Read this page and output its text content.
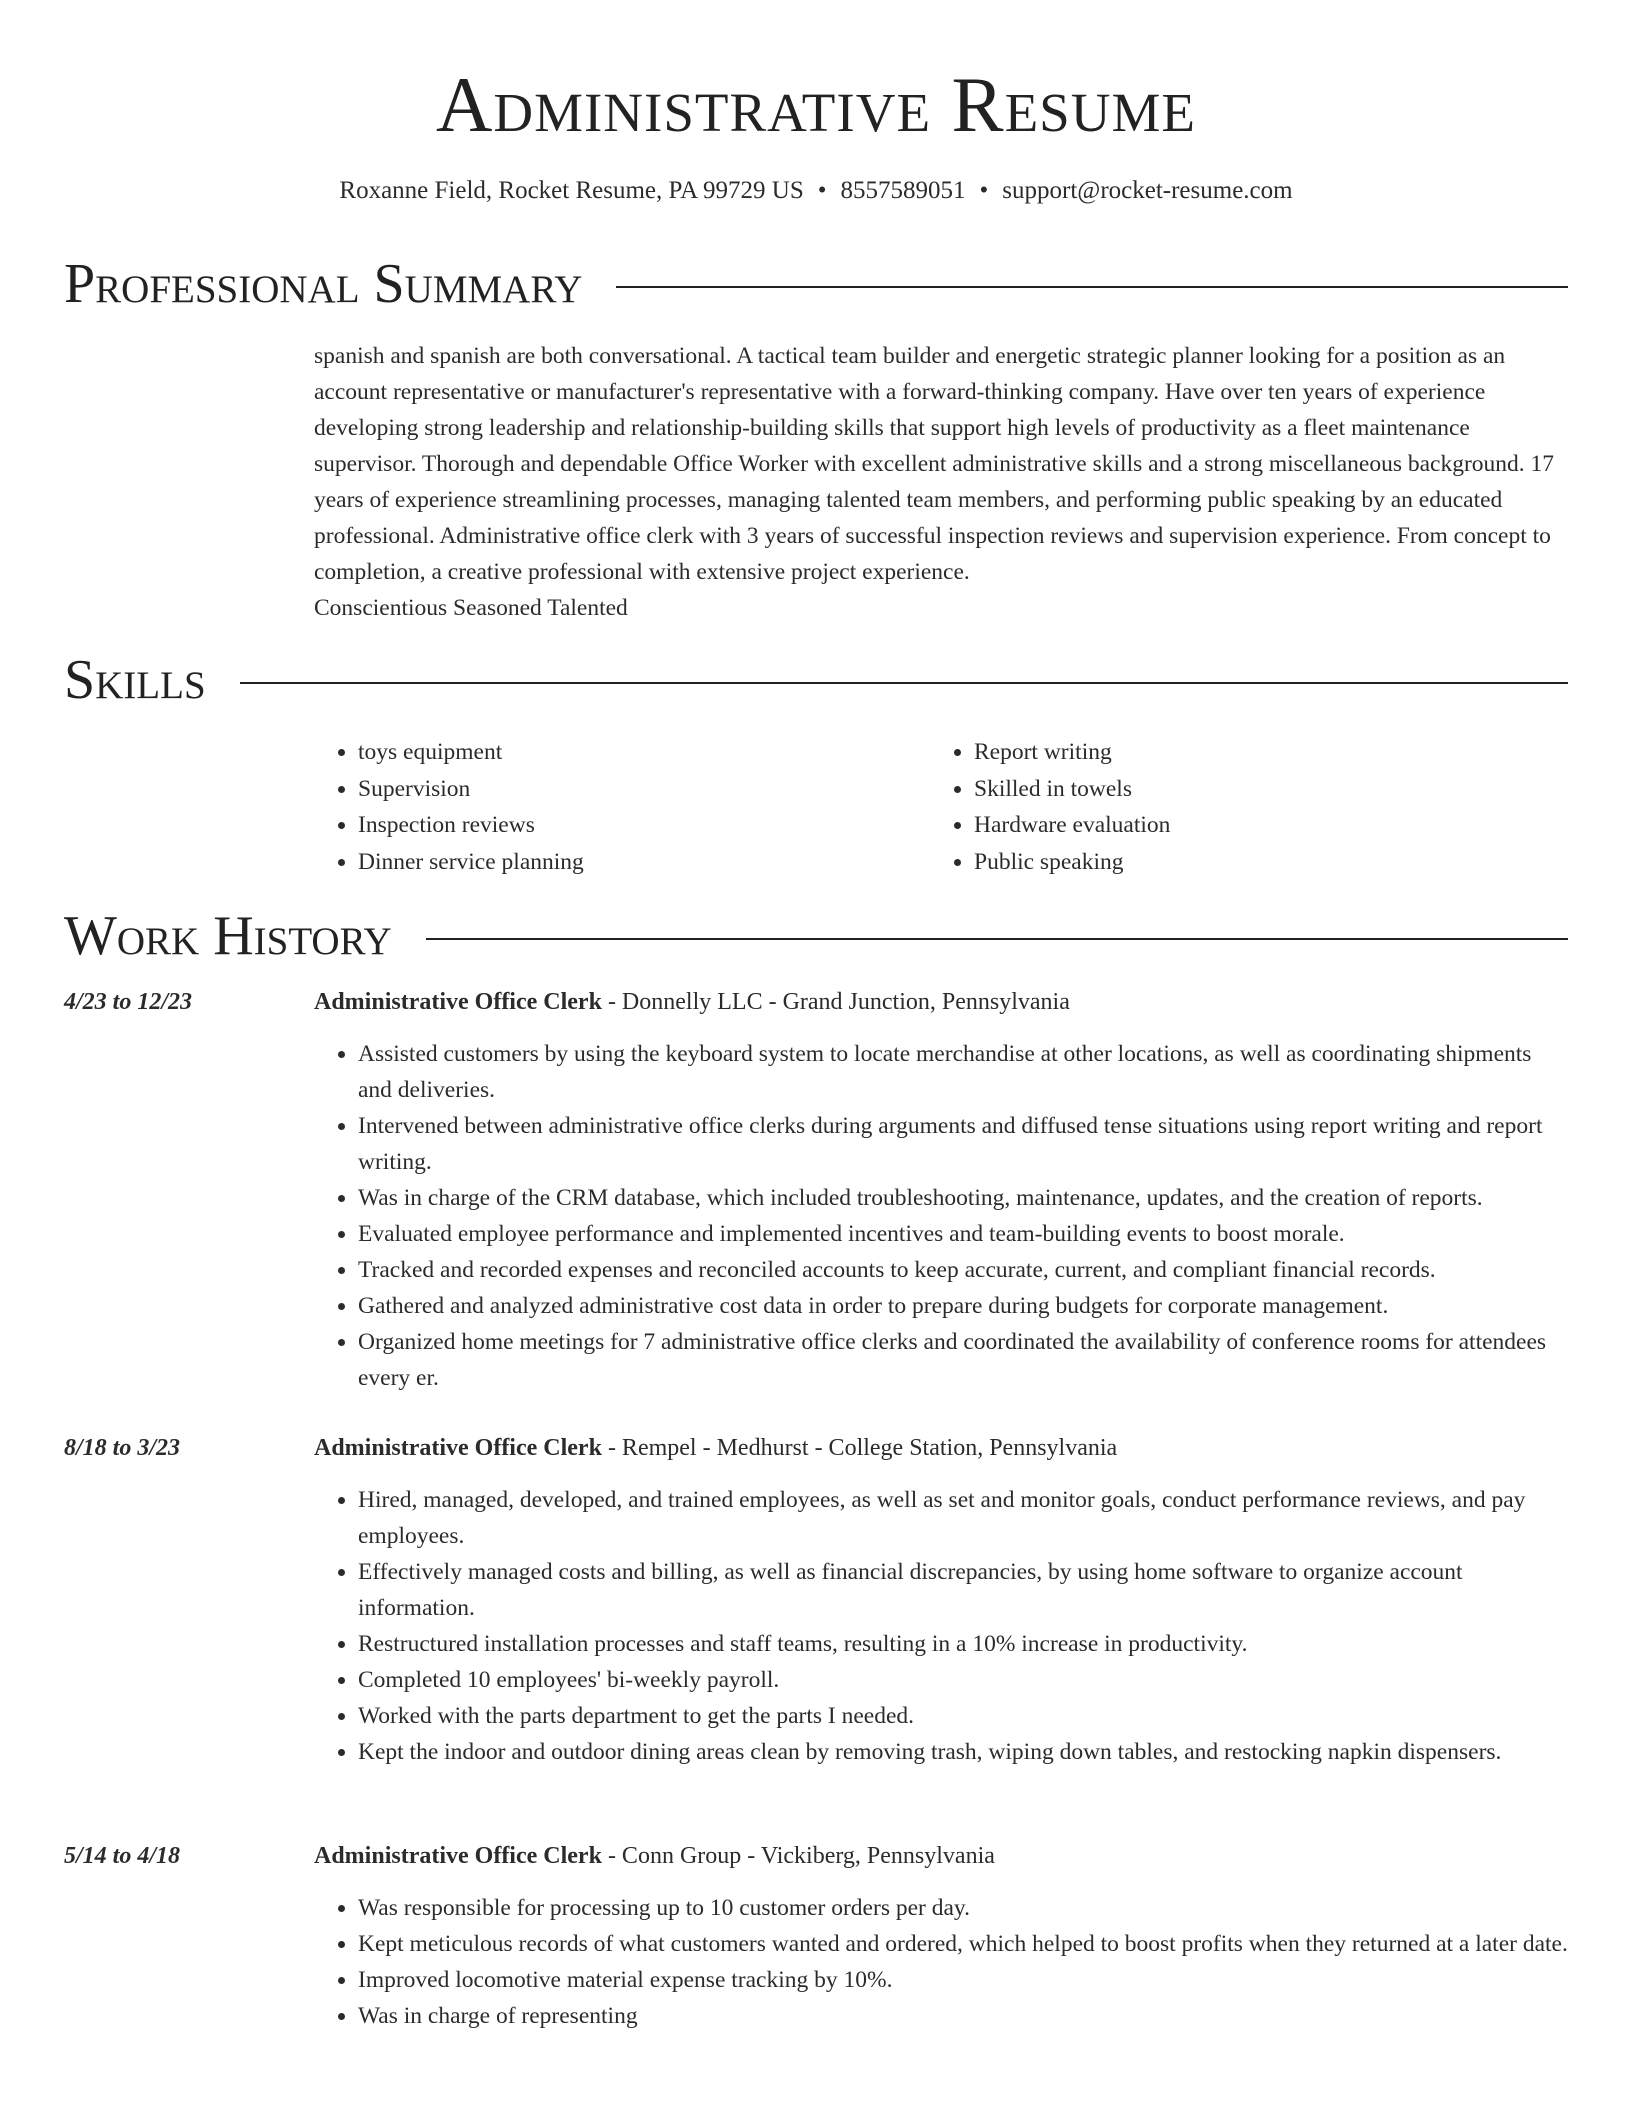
Administrative Resume
Roxanne Field, Rocket Resume, PA 99729 US • 8557589051 • support@rocket-resume.com
Professional Summary
spanish and spanish are both conversational. A tactical team builder and energetic strategic planner looking for a position as an account representative or manufacturer's representative with a forward-thinking company. Have over ten years of experience developing strong leadership and relationship-building skills that support high levels of productivity as a fleet maintenance supervisor. Thorough and dependable Office Worker with excellent administrative skills and a strong miscellaneous background. 17 years of experience streamlining processes, managing talented team members, and performing public speaking by an educated professional. Administrative office clerk with 3 years of successful inspection reviews and supervision experience. From concept to completion, a creative professional with extensive project experience.
Conscientious Seasoned Talented
Skills
• toys equipment
• Supervision
• Inspection reviews
• Dinner service planning
• Report writing
• Skilled in towels
• Hardware evaluation
• Public speaking
Work History
4/23 to 12/23	Administrative Office Clerk - Donnelly LLC - Grand Junction, Pennsylvania
• Assisted customers by using the keyboard system to locate merchandise at other locations, as well as coordinating shipments and deliveries.
• Intervened between administrative office clerks during arguments and diffused tense situations using report writing and report writing.
• Was in charge of the CRM database, which included troubleshooting, maintenance, updates, and the creation of reports.
• Evaluated employee performance and implemented incentives and team-building events to boost morale.
• Tracked and recorded expenses and reconciled accounts to keep accurate, current, and compliant financial records.
• Gathered and analyzed administrative cost data in order to prepare during budgets for corporate management.
• Organized home meetings for 7 administrative office clerks and coordinated the availability of conference rooms for attendees every er.
8/18 to 3/23	Administrative Office Clerk - Rempel - Medhurst - College Station, Pennsylvania
• Hired, managed, developed, and trained employees, as well as set and monitor goals, conduct performance reviews, and pay employees.
• Effectively managed costs and billing, as well as financial discrepancies, by using home software to organize account information.
• Restructured installation processes and staff teams, resulting in a 10% increase in productivity.
• Completed 10 employees' bi-weekly payroll.
• Worked with the parts department to get the parts I needed.
• Kept the indoor and outdoor dining areas clean by removing trash, wiping down tables, and restocking napkin dispensers.
5/14 to 4/18	Administrative Office Clerk - Conn Group - Vickiberg, Pennsylvania
• Was responsible for processing up to 10 customer orders per day.
• Kept meticulous records of what customers wanted and ordered, which helped to boost profits when they returned at a later date.
• Improved locomotive material expense tracking by 10%.
• Was in charge of representing
